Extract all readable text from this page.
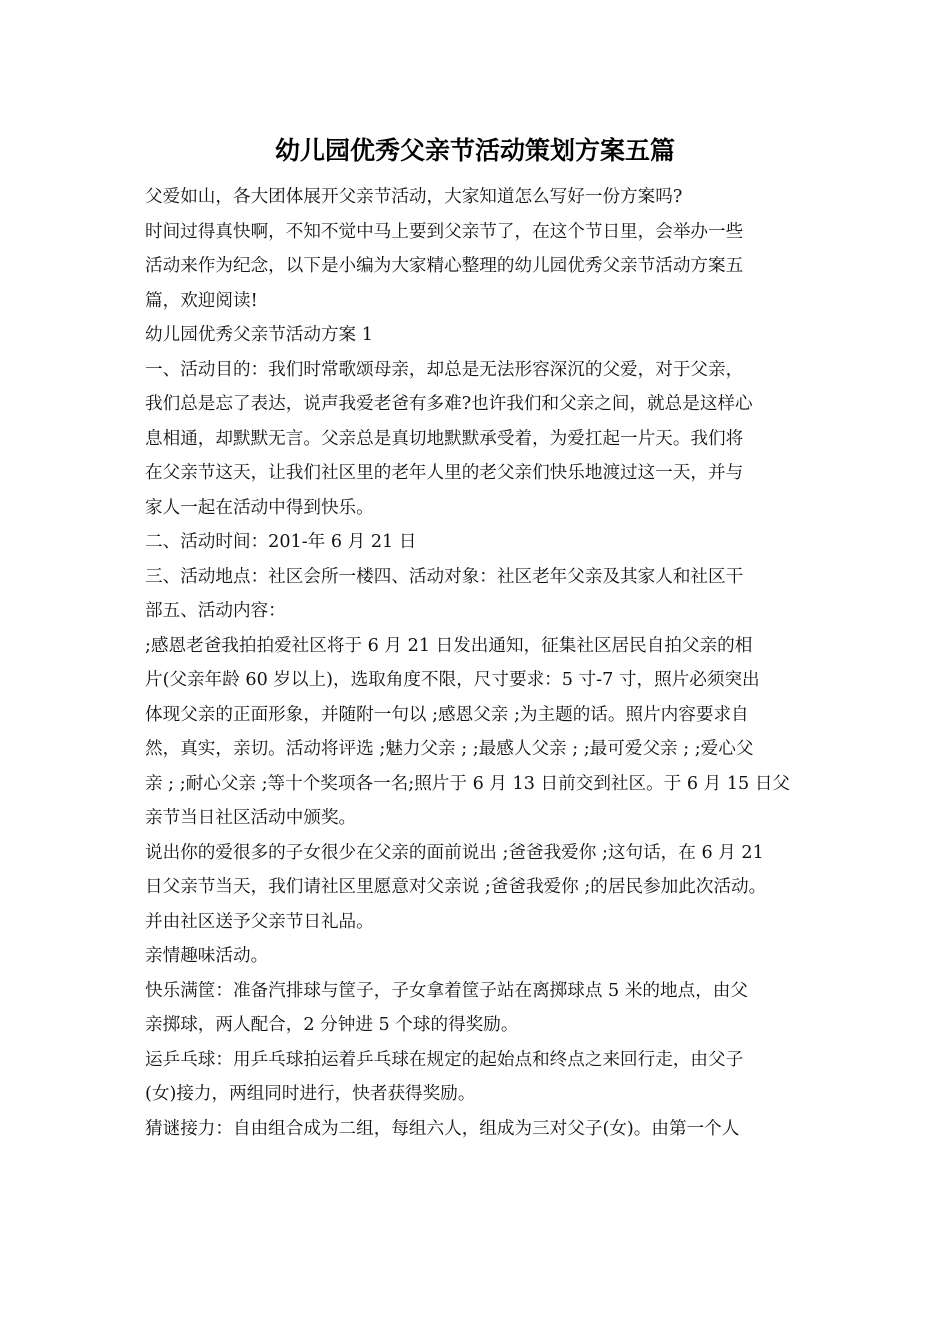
幼儿园优秀父亲节活动策划方案五篇
父爱如山，各大团体展开父亲节活动，大家知道怎么写好一份方案吗?
时间过得真快啊，不知不觉中马上要到父亲节了，在这个节日里，会举办一些
活动来作为纪念，以下是小编为大家精心整理的幼儿园优秀父亲节活动方案五
篇，欢迎阅读!
幼儿园优秀父亲节活动方案 1
一、活动目的：我们时常歌颂母亲，却总是无法形容深沉的父爱，对于父亲，
我们总是忘了表达，说声我爱老爸有多难?也许我们和父亲之间，就总是这样心
息相通，却默默无言。父亲总是真切地默默承受着，为爱扛起一片天。我们将
在父亲节这天，让我们社区里的老年人里的老父亲们快乐地渡过这一天，并与
家人一起在活动中得到快乐。
二、活动时间：201-年 6 月 21 日
三、活动地点：社区会所一楼四、活动对象：社区老年父亲及其家人和社区干
部五、活动内容：
;感恩老爸我拍拍爱社区将于 6 月 21 日发出通知，征集社区居民自拍父亲的相
片(父亲年龄 60 岁以上)，选取角度不限，尺寸要求：5 寸-7 寸，照片必须突出
体现父亲的正面形象，并随附一句以 ;感恩父亲 ;为主题的话。照片内容要求自
然，真实，亲切。活动将评选 ;魅力父亲 ; ;最感人父亲 ; ;最可爱父亲 ; ;爱心父
亲 ; ;耐心父亲 ;等十个奖项各一名;照片于 6 月 13 日前交到社区。于 6 月 15 日父
亲节当日社区活动中颁奖。
说出你的爱很多的子女很少在父亲的面前说出 ;爸爸我爱你 ;这句话，在 6 月 21
日父亲节当天，我们请社区里愿意对父亲说 ;爸爸我爱你 ;的居民参加此次活动。
并由社区送予父亲节日礼品。
亲情趣味活动。
快乐满筐：准备汽排球与筐子，子女拿着筐子站在离掷球点 5 米的地点，由父
亲掷球，两人配合，2 分钟进 5 个球的得奖励。
运乒乓球：用乒乓球拍运着乒乓球在规定的起始点和终点之来回行走，由父子
(女)接力，两组同时进行，快者获得奖励。
猜谜接力：自由组合成为二组，每组六人，组成为三对父子(女)。由第一个人
